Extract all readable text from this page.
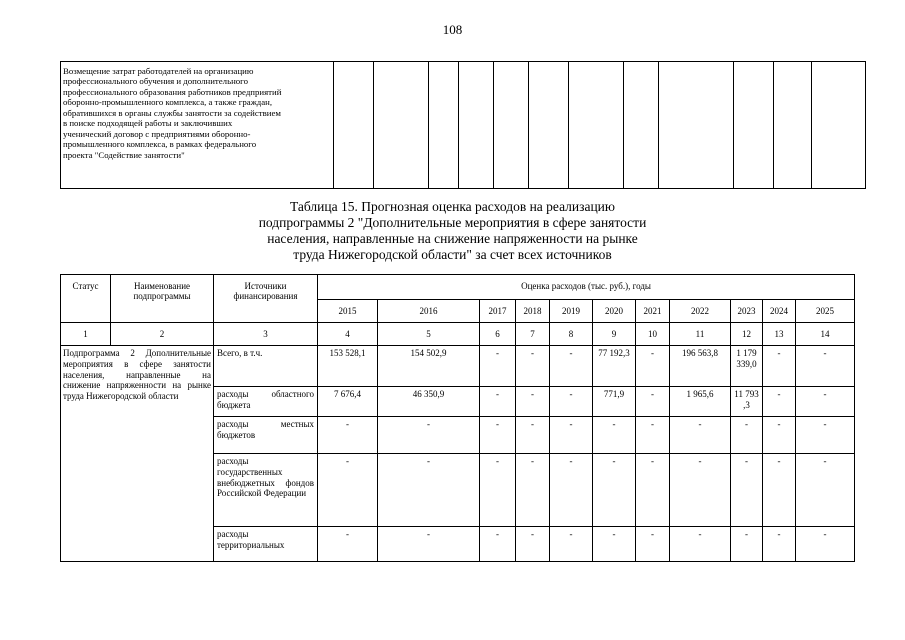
108
Возмещение затрат работодателей на организацию
профессионального обучения и дополнительного
профессионального образования работников предприятий
оборонно-промышленного комплекса, а также граждан,
обратившихся в органы службы занятости за содействием
в поиске подходящей работы и заключивших
ученический договор с предприятиями оборонно-
промышленного комплекса, в рамках федерального
проекта "Содействие занятости"

Таблица 15. Прогнозная оценка расходов на реализацию
подпрограммы 2 "Дополнительные мероприятия в сфере занятости
населения, направленные на снижение напряженности на рынке
труда Нижегородской области" за счет всех источников
Статус	Наименование подпрограммы	Источники финансирования	Оценка расходов (тыс. руб.), годы										
			2015	2016	2017	2018	2019	2020	2021	2022	2023	2024	2025
1	2	3	4	5	6	7	8	9	10	11	12	13	14
Подпрограмма 2 Дополнительные мероприятия в сфере занятости населения, направленные на снижение напряженности на рынке труда Нижегородской области		Всего, в т.ч.	153 528,1	154 502,9	-	-	-	77 192,3	-	196 563,8	1 179 339,0	-	-
		расходы областного бюджета	7 676,4	46 350,9	-	-	-	771,9	-	1 965,6	11 793 ,3	-	-
		расходы местных бюджетов	-	-	-	-	-	-	-	-	-	-	-
		расходы государственных внебюджетных фондов Российской Федерации	-	-	-	-	-	-	-	-	-	-	-
		расходы территориальных	-	-	-	-	-	-	-	-	-	-	-
